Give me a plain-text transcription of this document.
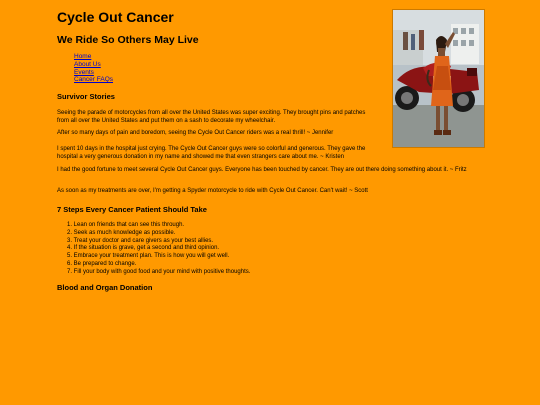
Cycle Out Cancer
We Ride So Others May Live
Home
About Us
Events
Cancer FAQs
Survivor Stories

Seeing the parade of motorcycles from all over the United States was super exciting. They brought pins and patches from all over the United States and put them on a sash to decorate my wheelchair.

After so many days of pain and boredom, seeing the Cycle Out Cancer riders was a real thrill! ~ Jennifer

I spent 10 days in the hospital just crying. The Cycle Out Cancer guys were so colorful and generous. They gave the hospital a very generous donation in my name and showed me that even strangers care about me. ~ Kristen

I had the good fortune to meet several Cycle Out Cancer guys. Everyone has been touched by cancer. They are out there doing something about it. ~ Fritz

As soon as my treatments are over, I'm getting a Spyder motorcycle to ride with Cycle Out Cancer. Can't wait! ~ Scott

7 Steps Every Cancer Patient Should Take
1. Lean on friends that can see this through.
2. Seek as much knowledge as possible.
3. Treat your doctor and care givers as your best allies.
4. If the situation is grave, get a second and third opinion.
5. Embrace your treatment plan. This is how you will get well.
6. Be prepared to change.
7. Fill your body with good food and your mind with positive thoughts.
Blood and Organ Donation
